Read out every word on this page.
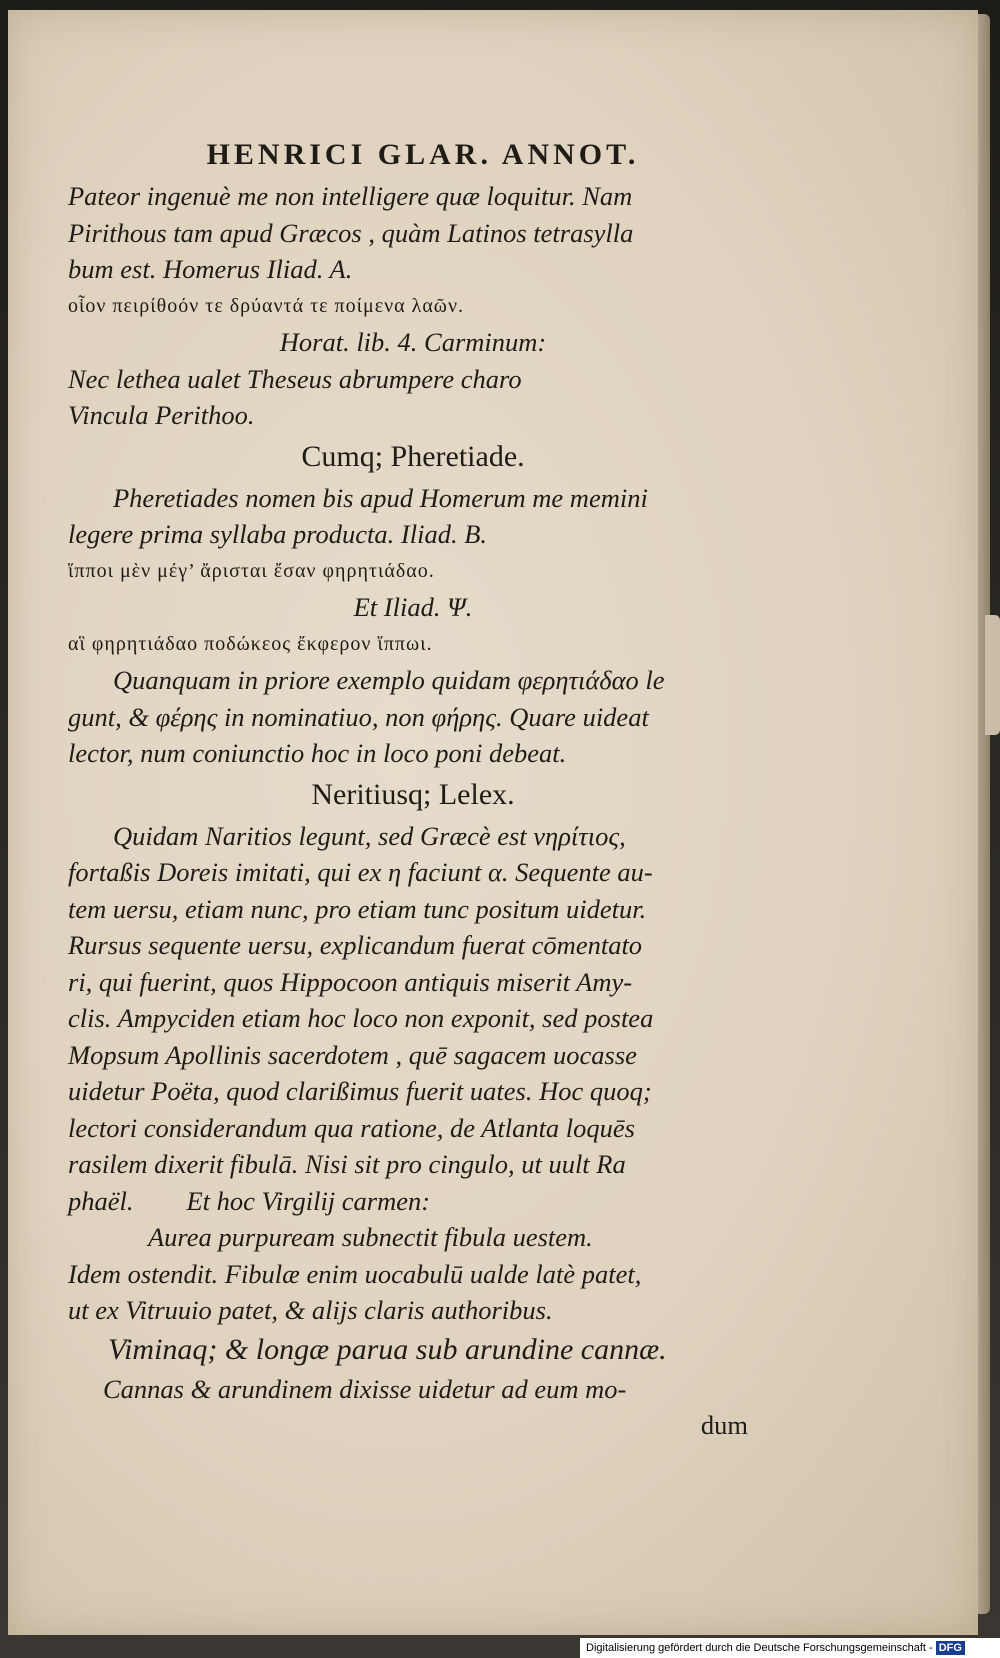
HENRICI GLAR. ANNOT.

Pateor ingenuè me non intelligere quæ loquitur. Nam

Pirithous tam apud Græcos , quàm Latinos tetrasylla

bum est. Homerus Iliad. A.

οἷον πειρίθοόν τε δρύαντά τε ποίμενα λαῶν.

Horat. lib. 4. Carminum:

Nec lethea ualet Theseus abrumpere charo

Vincula Perithoo.

Cumq; Pheretiade.

Pheretiades nomen bis apud Homerum me memini

legere prima syllaba producta. Iliad. B.

ἵπποι μὲν μέγ’ ἄρισται ἔσαν φηρητιάδαο.

Et Iliad. Ψ.

αἳ φηρητιάδαο ποδώκεος ἔκφερον ἵππωι.

Quanquam in priore exemplo quidam φερητιάδαο le

gunt, & φέρης in nominatiuo, non φήρης. Quare uideat

lector, num coniunctio hoc in loco poni debeat.

Neritiusq; Lelex.

Quidam Naritios legunt, sed Græcè est νηρίτιος,

fortaßis Doreis imitati, qui ex η faciunt α. Sequente au-

tem uersu, etiam nunc, pro etiam tunc positum uidetur.

Rursus sequente uersu, explicandum fuerat cōmentato

ri, qui fuerint, quos Hippocoon antiquis miserit Amy-

clis. Ampyciden etiam hoc loco non exponit, sed postea

Mopsum Apollinis sacerdotem , quē sagacem uocasse

uidetur Poëta, quod clarißimus fuerit uates. Hoc quoq;

lectori considerandum qua ratione, de Atlanta loquēs

rasilem dixerit fibulā. Nisi sit pro cingulo, ut uult Ra

phaël.        Et hoc Virgilij carmen:

Aurea purpuream subnectit fibula uestem.

Idem ostendit. Fibulæ enim uocabulū ualde latè patet,

ut ex Vitruuio patet, & alijs claris authoribus.

Viminaq; & longæ parua sub arundine cannæ.

Cannas & arundinem dixisse uidetur ad eum mo-

dum

Digitalisierung gefördert durch die Deutsche Forschungsgemeinschaft - DFG
